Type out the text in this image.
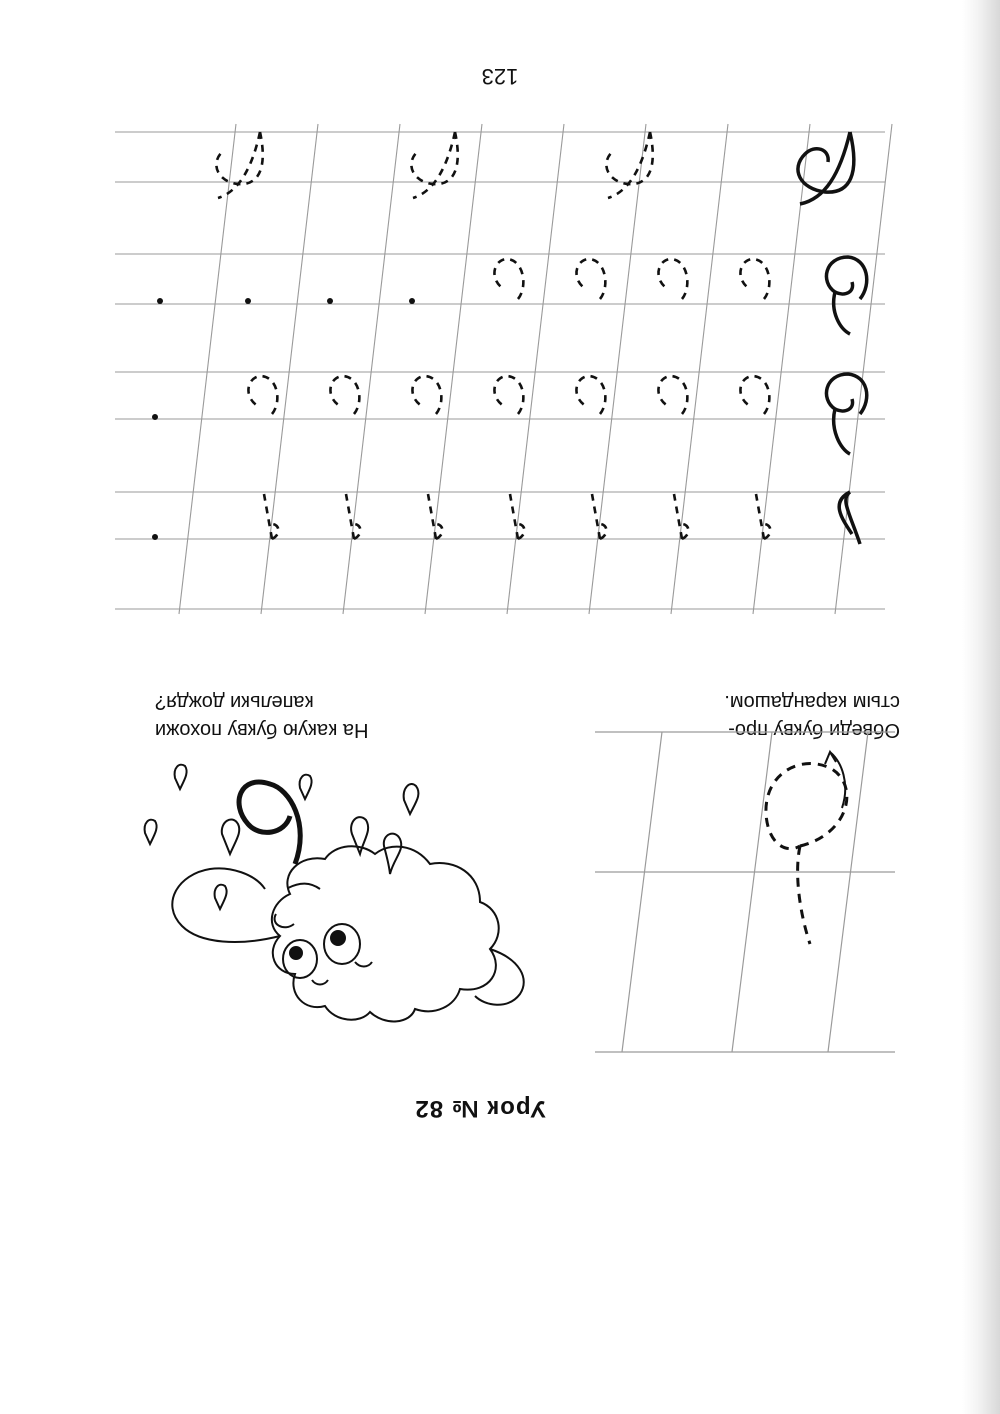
Урок № 82
Обведи букву про-
стым карандашом.
На какую букву похожи
капельки дождя?
123
